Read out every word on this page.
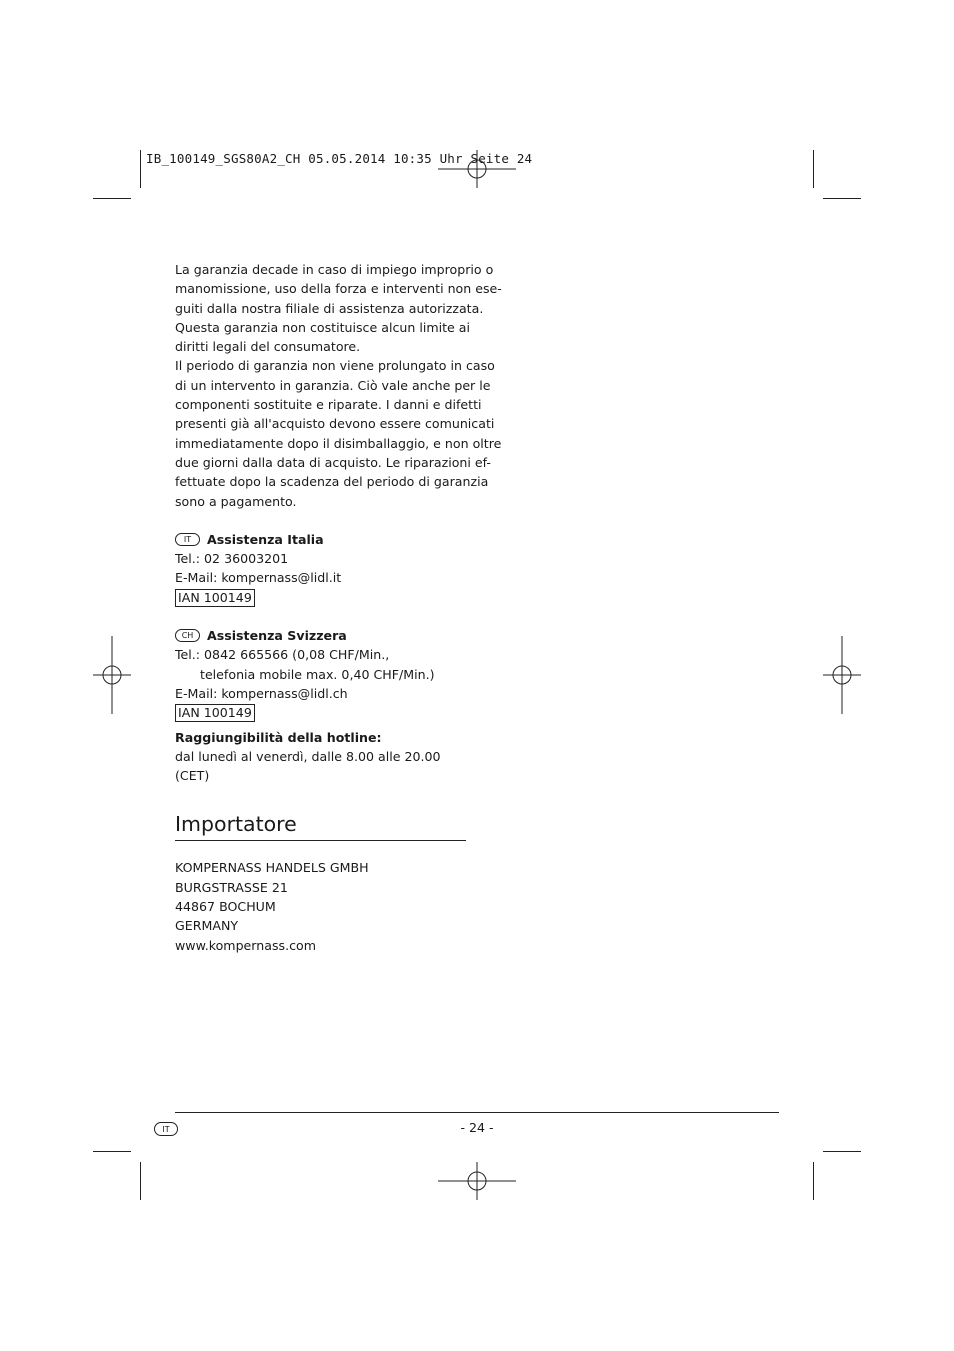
IB_100149_SGS80A2_CH 05.05.2014 10:35 Uhr Seite 24

La garanzia decade in caso di impiego improprio o
manomissione, uso della forza e interventi non ese-
guiti dalla nostra filiale di assistenza autorizzata.
Questa garanzia non costituisce alcun limite ai
diritti legali del consumatore.
Il periodo di garanzia non viene prolungato in caso
di un intervento in garanzia. Ciò vale anche per le
componenti sostituite e riparate. I danni e difetti
presenti già all'acquisto devono essere comunicati
immediatamente dopo il disimballaggio, e non oltre
due giorni dalla data di acquisto. Le riparazioni ef-
fettuate dopo la scadenza del periodo di garanzia
sono a pagamento.

IT	Assistenza Italia
Tel.: 02 36003201
E-Mail: kompernass@lidl.it
IAN 100149
CH	Assistenza Svizzera
Tel.: 0842 665566 (0,08 CHF/Min.,
telefonia mobile max. 0,40 CHF/Min.)
E-Mail: kompernass@lidl.ch
IAN 100149
Raggiungibilità della hotline:
dal lunedì al venerdì, dalle 8.00 alle 20.00 (CET)
Importatore
KOMPERNASS HANDELS GMBH
BURGSTRASSE 21
44867 BOCHUM
GERMANY
www.kompernass.com
IT	- 24 -
